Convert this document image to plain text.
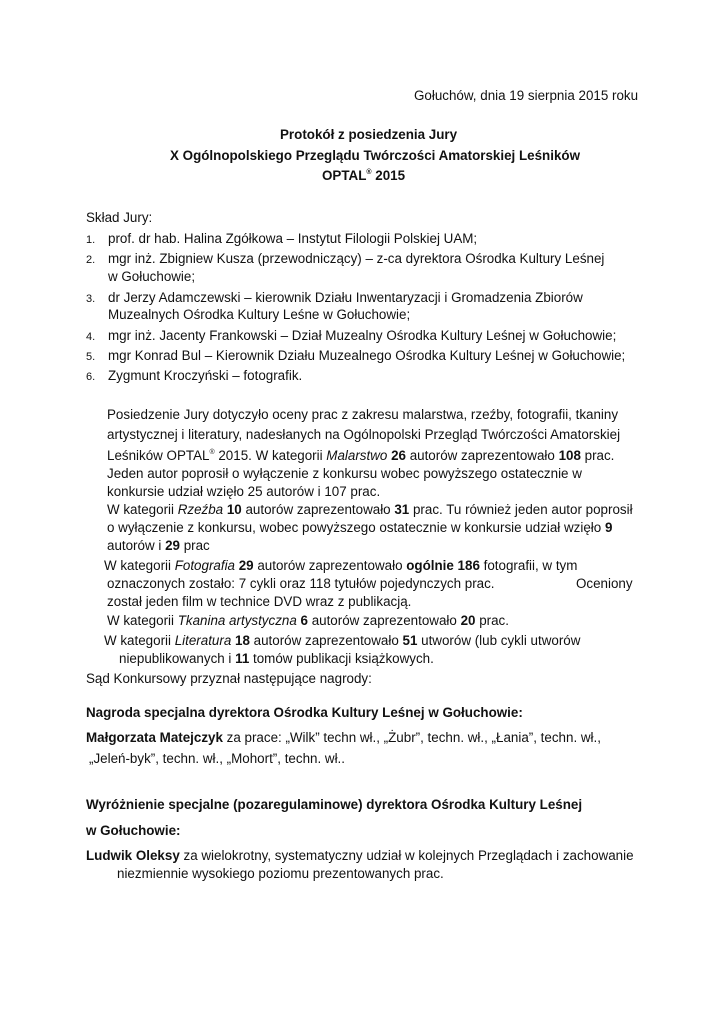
Gołuchów, dnia 19 sierpnia 2015 roku
Protokół z posiedzenia Jury
X Ogólnopolskiego Przeglądu Twórczości Amatorskiej Leśników
OPTAL® 2015
Skład Jury:
1. prof. dr hab. Halina Zgółkowa – Instytut Filologii Polskiej UAM;
2. mgr inż. Zbigniew Kusza (przewodniczący) – z-ca dyrektora Ośrodka Kultury Leśnej
w Gołuchowie;
3. dr Jerzy Adamczewski – kierownik Działu Inwentaryzacji i Gromadzenia Zbiorów
Muzealnych Ośrodka Kultury Leśne w Gołuchowie;
4. mgr inż. Jacenty Frankowski – Dział Muzealny Ośrodka Kultury Leśnej w Gołuchowie;
5. mgr Konrad Bul – Kierownik Działu Muzealnego Ośrodka Kultury Leśnej w Gołuchowie;
6. Zygmunt Kroczyński – fotografik.
Posiedzenie Jury dotyczyło oceny prac z zakresu malarstwa, rzeźby, fotografii, tkaniny
artystycznej i literatury, nadesłanych na Ogólnopolski Przegląd Twórczości Amatorskiej
Leśników OPTAL® 2015. W kategorii Malarstwo 26 autorów zaprezentowało 108 prac.
Jeden autor poprosił o wyłączenie z konkursu wobec powyższego ostatecznie w
konkursie udział wzięło 25 autorów i 107 prac.
W kategorii Rzeźba 10 autorów zaprezentowało 31 prac. Tu również jeden autor poprosił
o wyłączenie z konkursu, wobec powyższego ostatecznie w konkursie udział wzięło 9
autorów i 29 prac
W kategorii Fotografia 29 autorów zaprezentowało ogólnie 186 fotografii, w tym
oznaczonych zostało: 7 cykli oraz 118 tytułów pojedynczych prac.	Oceniony
został jeden film w technice DVD wraz z publikacją.
W kategorii Tkanina artystyczna 6 autorów zaprezentowało 20 prac.
W kategorii Literatura 18 autorów zaprezentowało 51 utworów (lub cykli utworów
niepublikowanych i 11 tomów publikacji książkowych.
Sąd Konkursowy przyznał następujące nagrody:
Nagroda specjalna dyrektora Ośrodka Kultury Leśnej w Gołuchowie:
Małgorzata Matejczyk za prace: „Wilk” techn wł., „Żubr”, techn. wł., „Łania”, techn. wł.,
„Jeleń-byk”, techn. wł., „Mohort”, techn. wł..
Wyróżnienie specjalne (pozaregulaminowe) dyrektora Ośrodka Kultury Leśnej
w Gołuchowie:
Ludwik Oleksy za wielokrotny, systematyczny udział w kolejnych Przeglądach i zachowanie
niezmiennie wysokiego poziomu prezentowanych prac.
